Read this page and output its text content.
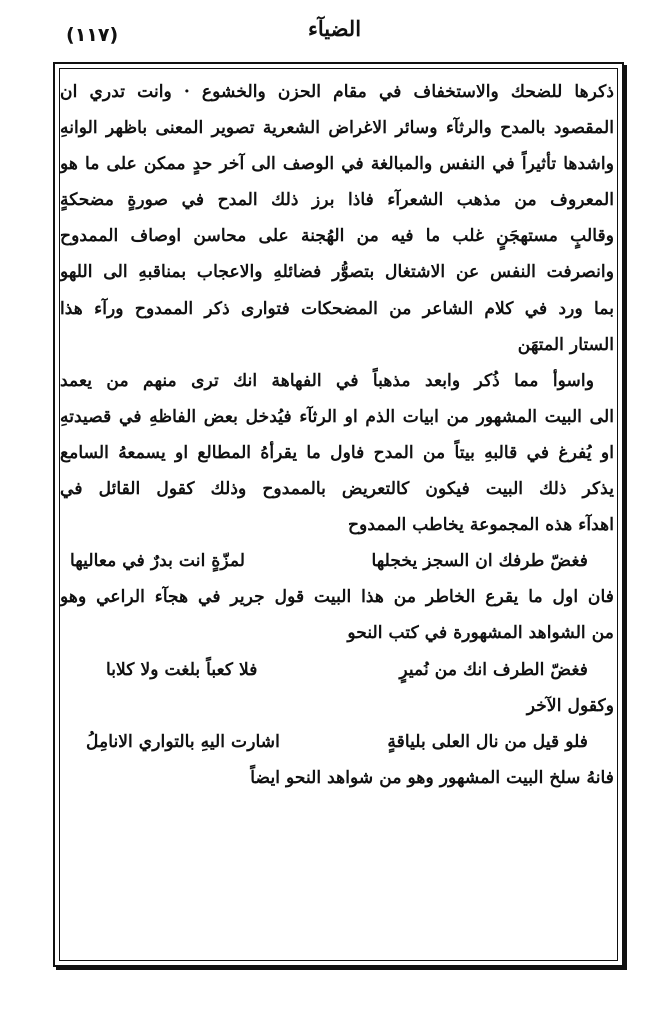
الضيآء
(١١٧)
ذكرها للضحك والاستخفاف في مقام الحزن والخشوع · وانت تدري ان
المقصود بالمدح والرثآء وسائر الاغراض الشعرية تصوير المعنى باظهر الوانهِ
واشدها تأثيراً في النفس والمبالغة في الوصف الى آخر حدٍ ممكن على ما هو
المعروف من مذهب الشعرآء فاذا برز ذلك المدح في صورةٍ مضحكةٍ
وقالبٍ مستهجَنٍ غلب ما فيه من الهُجنة على محاسن اوصاف الممدوح
وانصرفت النفس عن الاشتغال بتصوُّر فضائلهِ والاعجاب بمناقبهِ الى اللهو
بما ورد في كلام الشاعر من المضحكات فتوارى ذكر الممدوح ورآء هذا
الستار المتهَن
واسوأ مما ذُكر وابعد مذهباً في الفهاهة انك ترى منهم من يعمد
الى البيت المشهور من ابيات الذم او الرثآء فيُدخل بعض الفاظهِ في قصيدتهِ
او يُفرغ في قالبهِ بيتاً من المدح فاول ما يقرأهُ المطالع او يسمعهُ السامع
يذكر ذلك البيت فيكون كالتعريض بالممدوح وذلك كقول القائل في
اهدآء هذه المجموعة يخاطب الممدوح
فغضّ طرفك ان السجز يخجلها
لمزّةٍ انت بدرٌ في معاليها
فان اول ما يقرع الخاطر من هذا البيت قول جرير في هجآء الراعي وهو
من الشواهد المشهورة في كتب النحو
فغضّ الطرف انك من نُميرٍ
فلا كعباً بلغت ولا كلابا
وكقول الآخر
فلو قيل من نال العلى بلياقةٍ
اشارت اليهِ بالتواري الانامِلُ
فانهُ سلخ البيت المشهور وهو من شواهد النحو ايضاً
